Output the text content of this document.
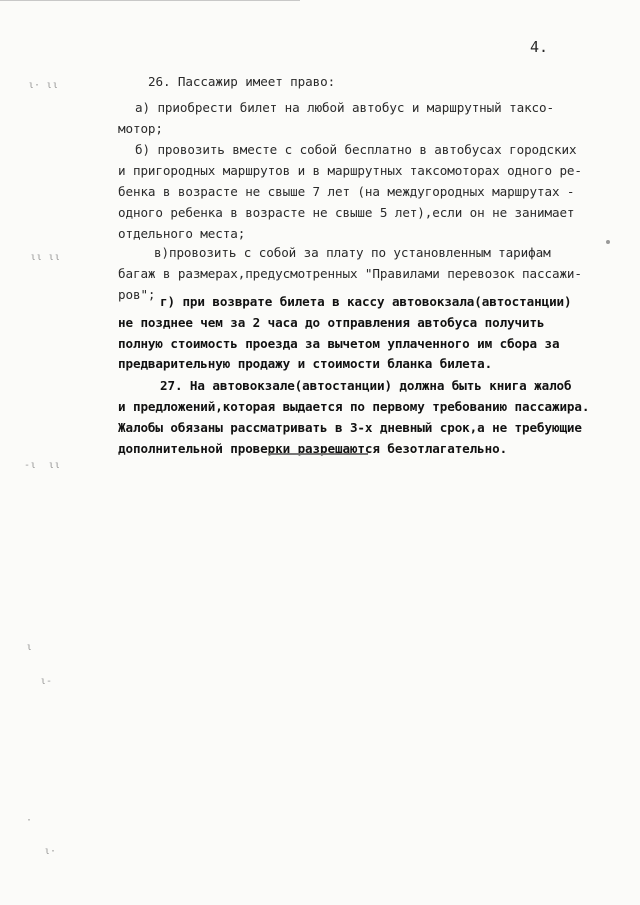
4.
26. Пассажир имеет право:
а) приобрести билет на любой автобус и маршрутный таксо-
мотор;
б) провозить вместе с собой бесплатно в автобусах городских
и пригородных маршрутов и в маршрутных таксомоторах одного ре-
бенка в возрасте не свыше 7 лет (на междугородных маршрутах -
одного ребенка в возрасте не свыше 5 лет),если он не занимает
отдельного места;
в)провозить с собой за плату по установленным тарифам
багаж в размерах,предусмотренных "Правилами перевозок пассажи-
ров"; г) при возврате билета в кассу автовокзала(автостанции)
не позднее чем за 2 часа до отправления автобуса получить
полную стоимость проезда за вычетом уплаченного им сбора за
предварительную продажу и стоимости бланка билета.
27. На автовокзале(автостанции) должна быть книга жалоб
и предложений,которая выдается по первому требованию пассажира.
Жалобы обязаны рассматривать в 3-х дневный срок,а не требующие
дополнительной проверки разрешаются безотлагательно.
ι· ιι
ιι ιι
-ι  ιι
ι
ι-
·
ι·
